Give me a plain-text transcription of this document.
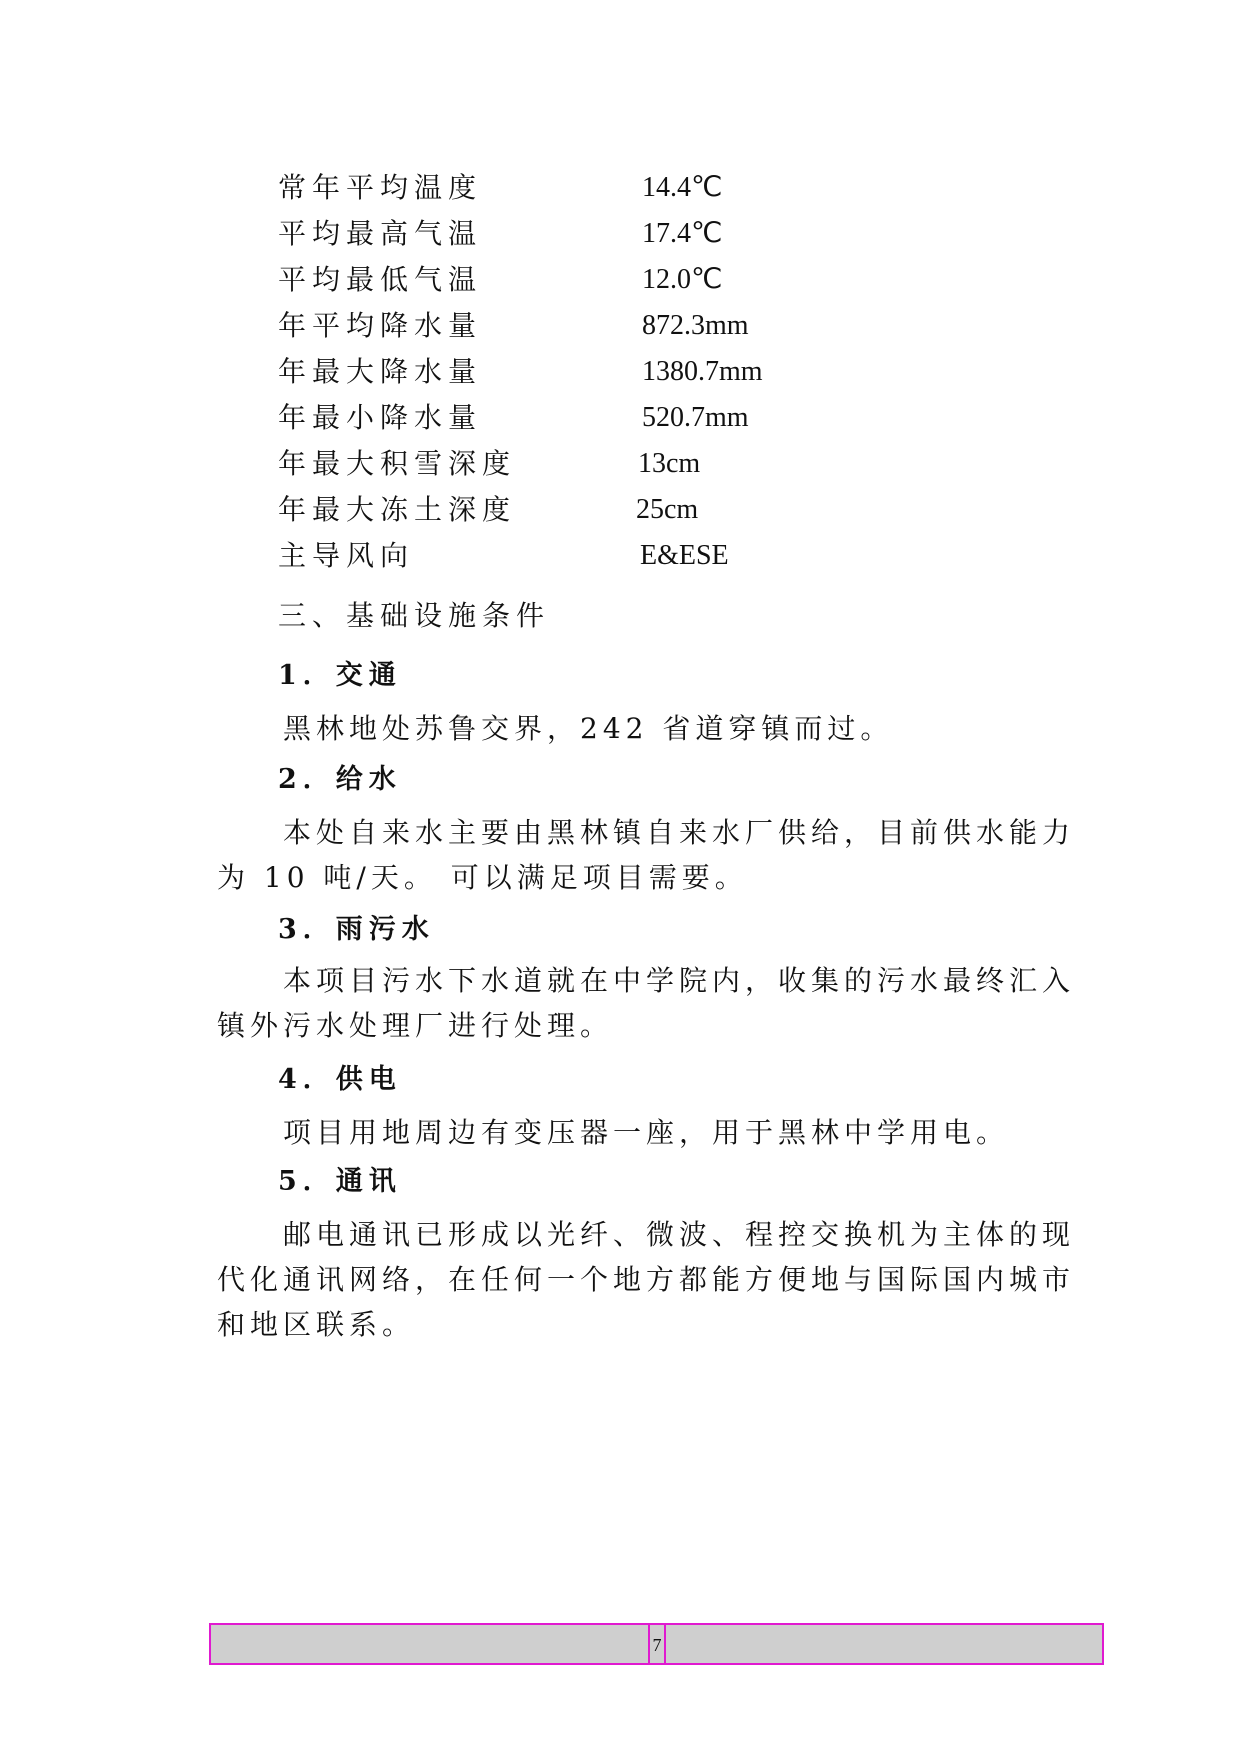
常年平均温度	14.4℃
平均最高气温	17.4℃
平均最低气温	12.0℃
年平均降水量	872.3mm
年最大降水量	1380.7mm
年最小降水量	520.7mm
年最大积雪深度	13cm
年最大冻土深度	25cm
主导风向	E&ESE
三、基础设施条件
1．交通
　　黑林地处苏鲁交界，242 省道穿镇而过。
2．给水
　　本处自来水主要由黑林镇自来水厂供给，目前供水能力为 10 吨/天。 可以满足项目需要。
3．雨污水
　　本项目污水下水道就在中学院内，收集的污水最终汇入镇外污水处理厂进行处理。
4．供电
　　项目用地周边有变压器一座，用于黑林中学用电。
5．通讯
　　邮电通讯已形成以光纤、微波、程控交换机为主体的现代化通讯网络，在任何一个地方都能方便地与国际国内城市和地区联系。
7
